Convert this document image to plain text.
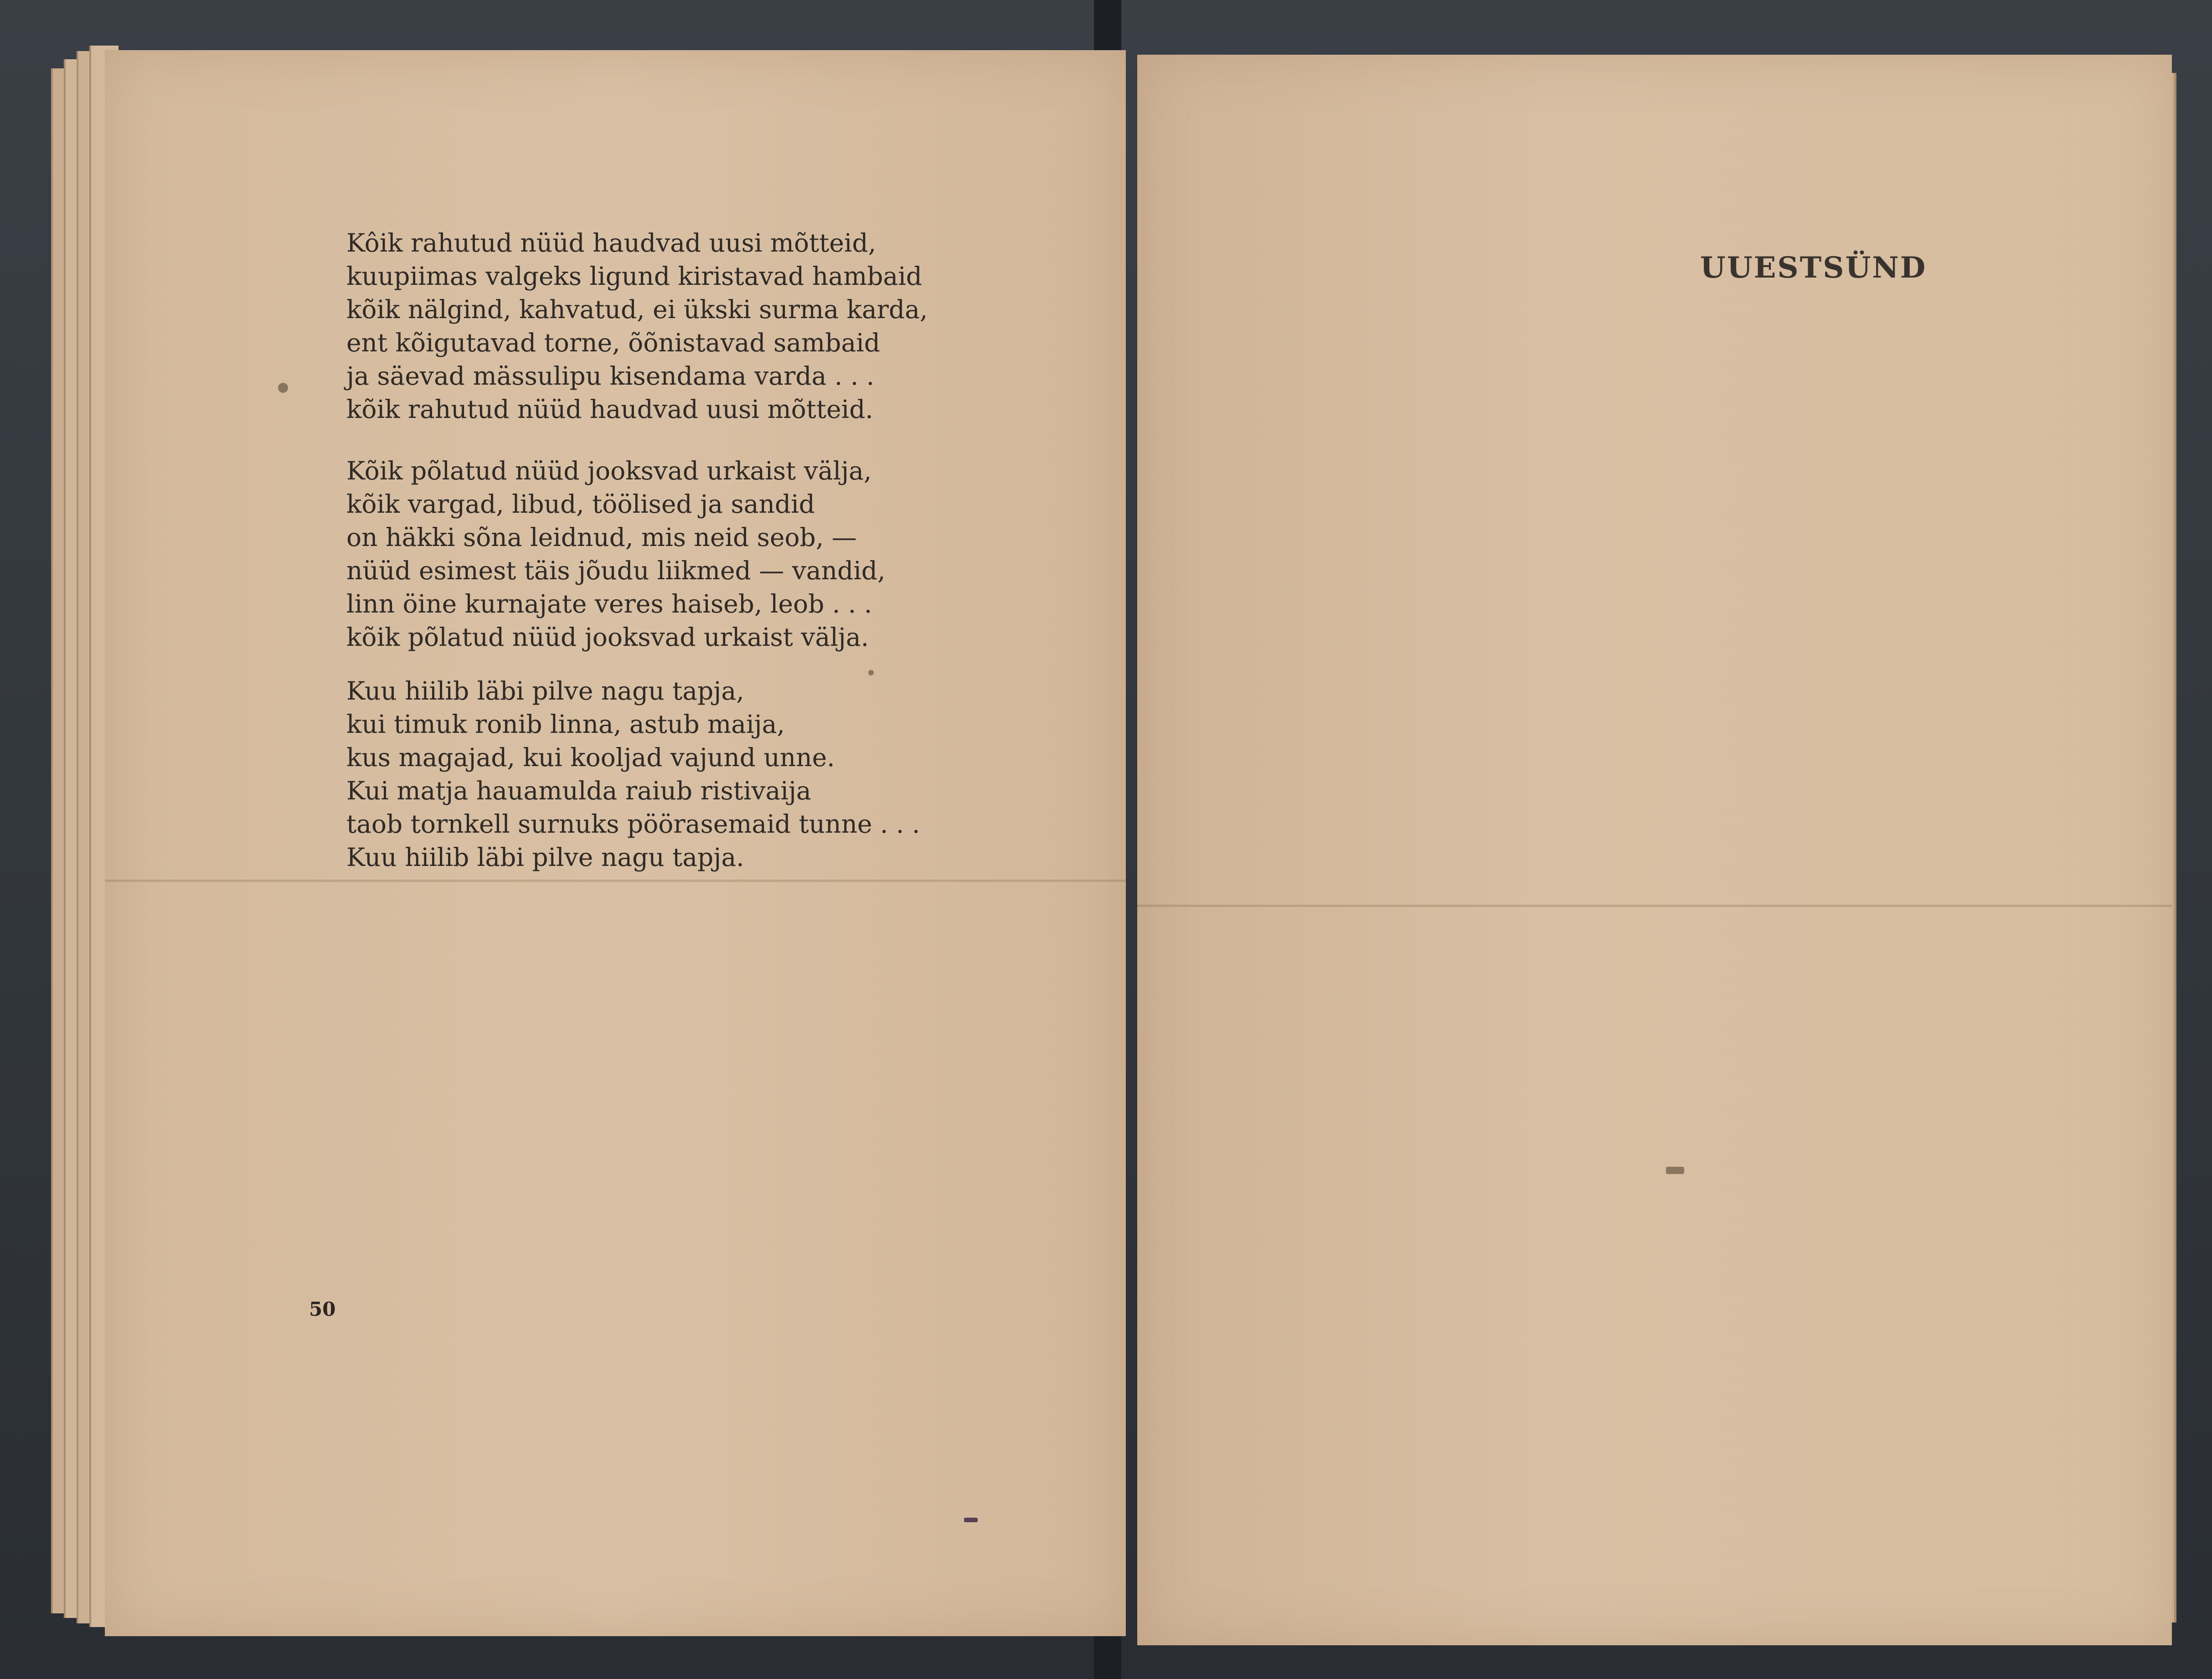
Kôik rahutud nüüd haudvad uusi mõtteid,
kuupiimas valgeks ligund kiristavad hambaid
kõik nälgind, kahvatud, ei ükski surma karda,
ent kõigutavad torne, õõnistavad sambaid
ja säevad mässulipu kisendama varda . . .
kõik rahutud nüüd haudvad uusi mõtteid.
Kõik põlatud nüüd jooksvad urkaist välja,
kõik vargad, libud, töölised ja sandid
on häkki sõna leidnud, mis neid seob, —
nüüd esimest täis jõudu liikmed — vandid,
linn öine kurnajate veres haiseb, leob . . .
kõik põlatud nüüd jooksvad urkaist välja.
Kuu hiilib läbi pilve nagu tapja,
kui timuk ronib linna, astub maija,
kus magajad, kui kooljad vajund unne.
Kui matja hauamulda raiub ristivaija
taob tornkell surnuks pöörasemaid tunne . . .
Kuu hiilib läbi pilve nagu tapja.
50
UUESTSÜND
